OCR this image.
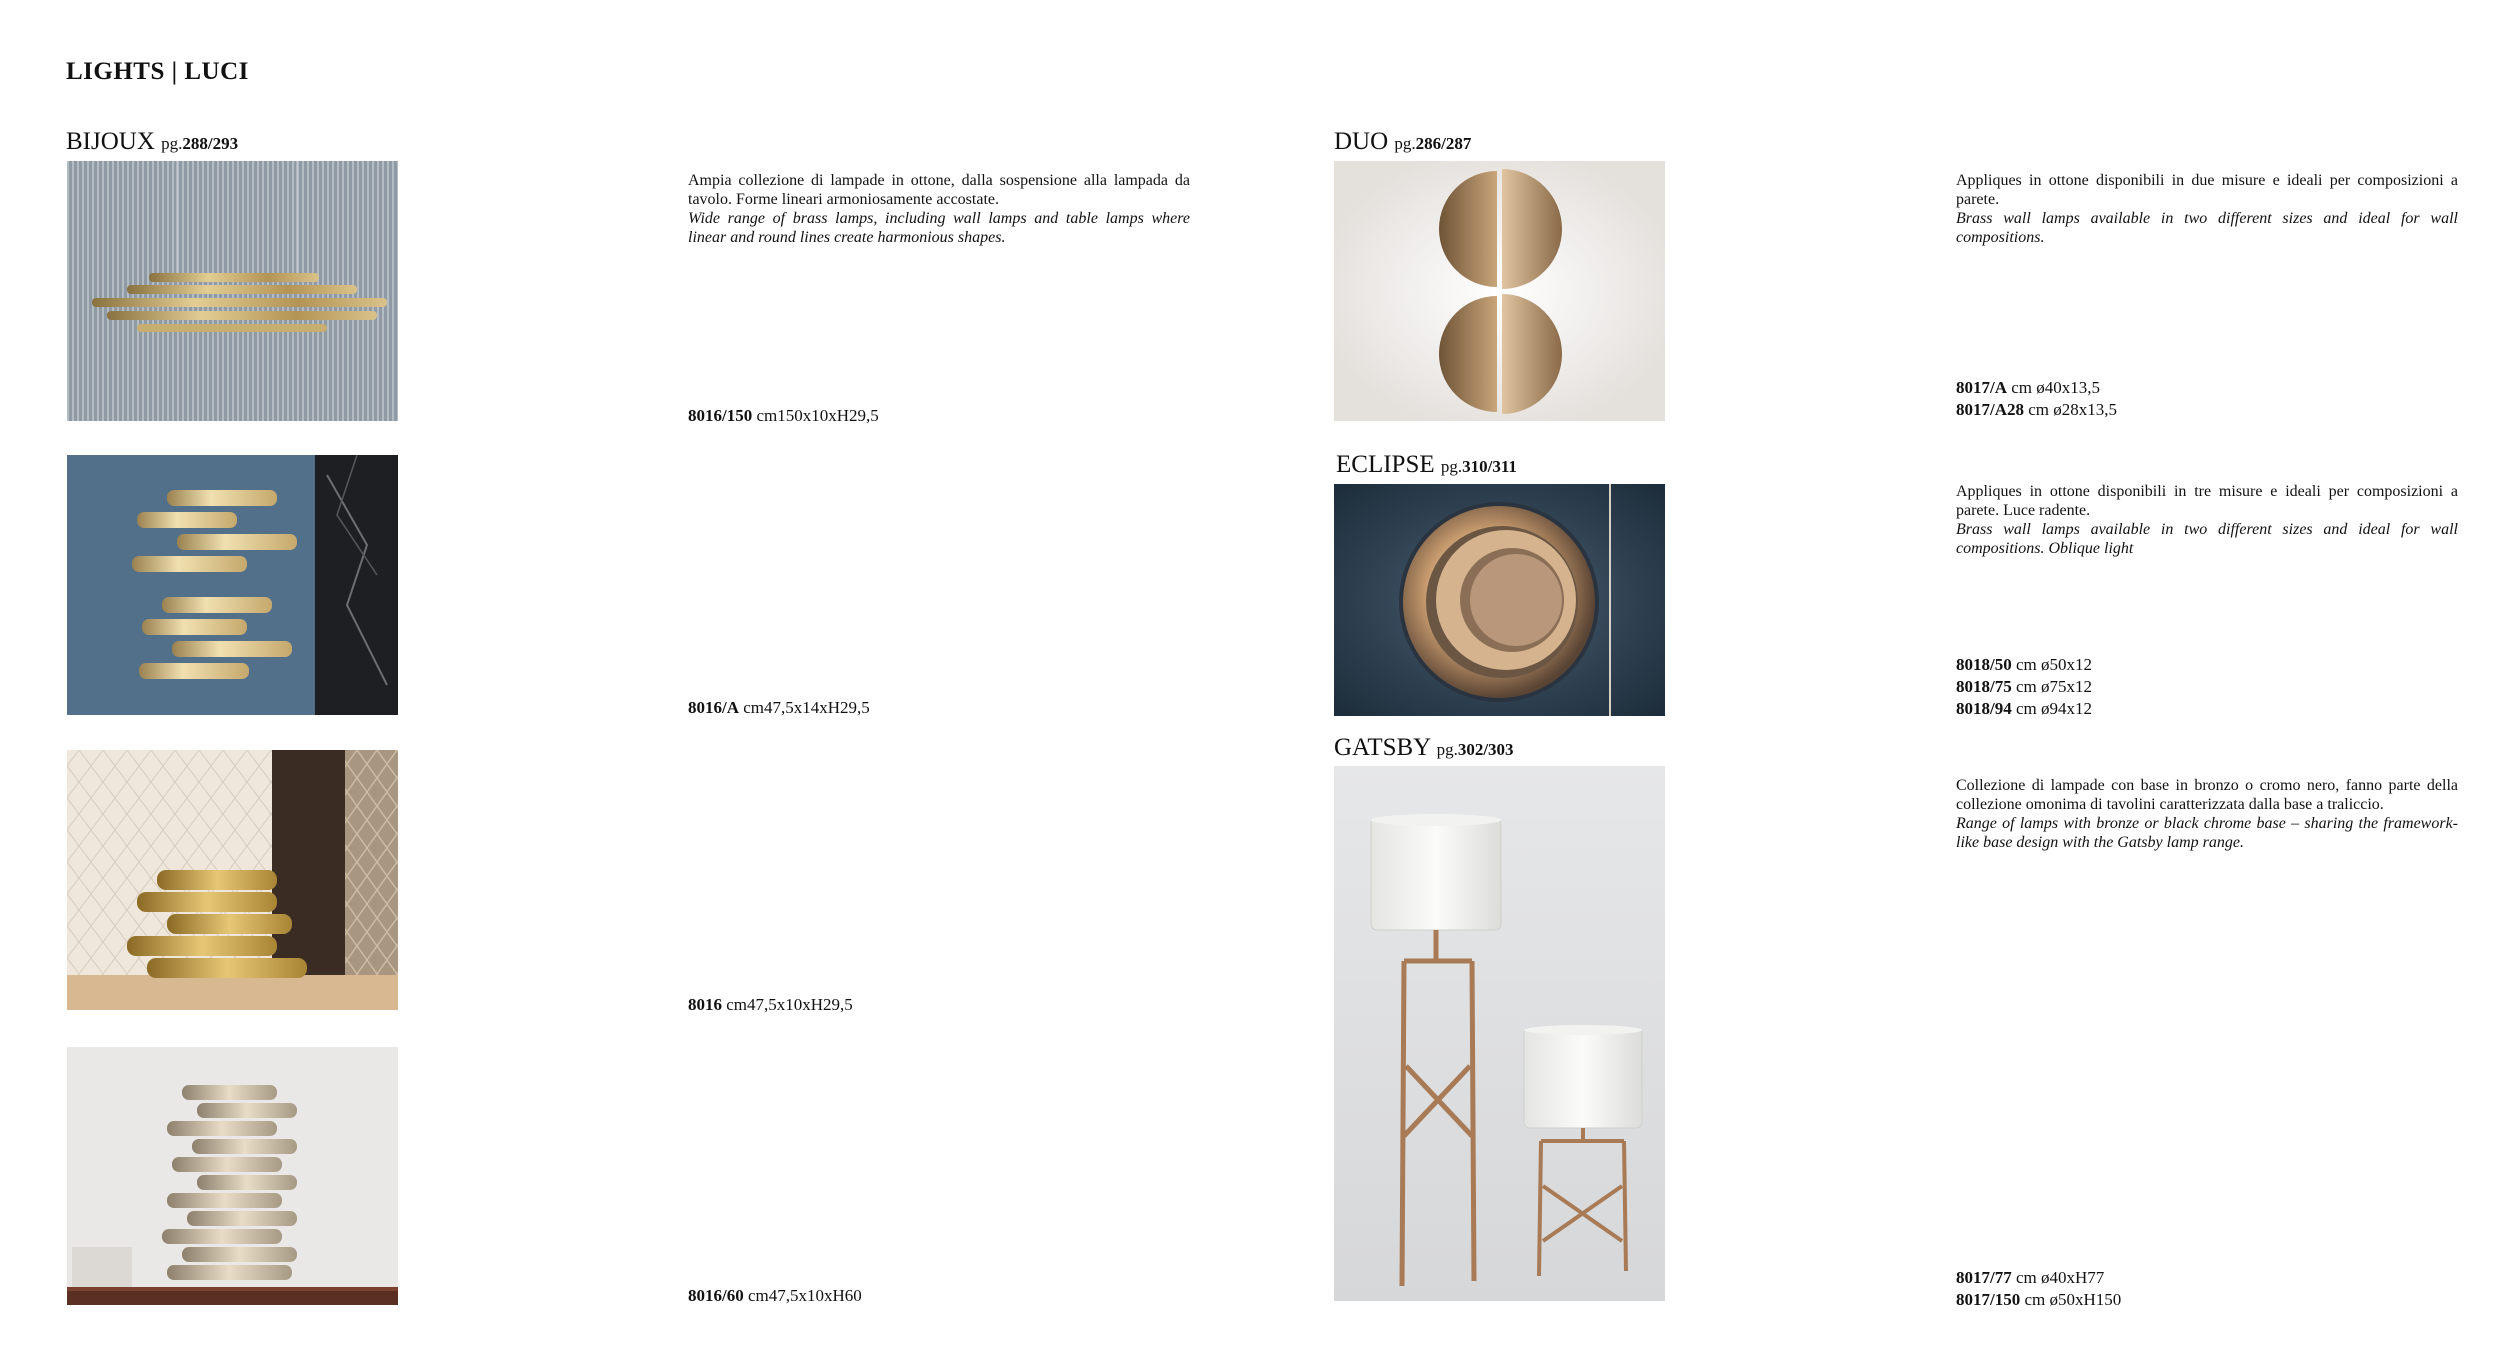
LIGHTS | LUCI
BIJOUX pg.288/293
Ampia collezione di lampade in ottone, dalla sospensione alla lampada da tavolo. Forme lineari armoniosamente accostate.
Wide range of brass lamps, including wall lamps and table lamps where linear and round lines create harmonious shapes.
8016/150 cm150x10xH29,5
8016/A cm47,5x14xH29,5
8016 cm47,5x10xH29,5
8016/60 cm47,5x10xH60
DUO pg.286/287
Appliques in ottone disponibili in due misure e ideali per composizioni a parete.
Brass wall lamps available in two different sizes and ideal for wall compositions.
8017/A cm ø40x13,5
8017/A28 cm ø28x13,5
ECLIPSE pg.310/311
Appliques in ottone disponibili in tre misure e ideali per composizioni a parete. Luce radente.
Brass wall lamps available in two different sizes and ideal for wall compositions. Oblique light
8018/50 cm ø50x12
8018/75 cm ø75x12
8018/94 cm ø94x12
GATSBY pg.302/303
Collezione di lampade con base in bronzo o cromo nero, fanno parte della collezione omonima di tavolini caratterizzata dalla base a traliccio.
Range of lamps with bronze or black chrome base – sharing the framework-like base design with the Gatsby lamp range.
8017/77 cm ø40xH77
8017/150 cm ø50xH150
